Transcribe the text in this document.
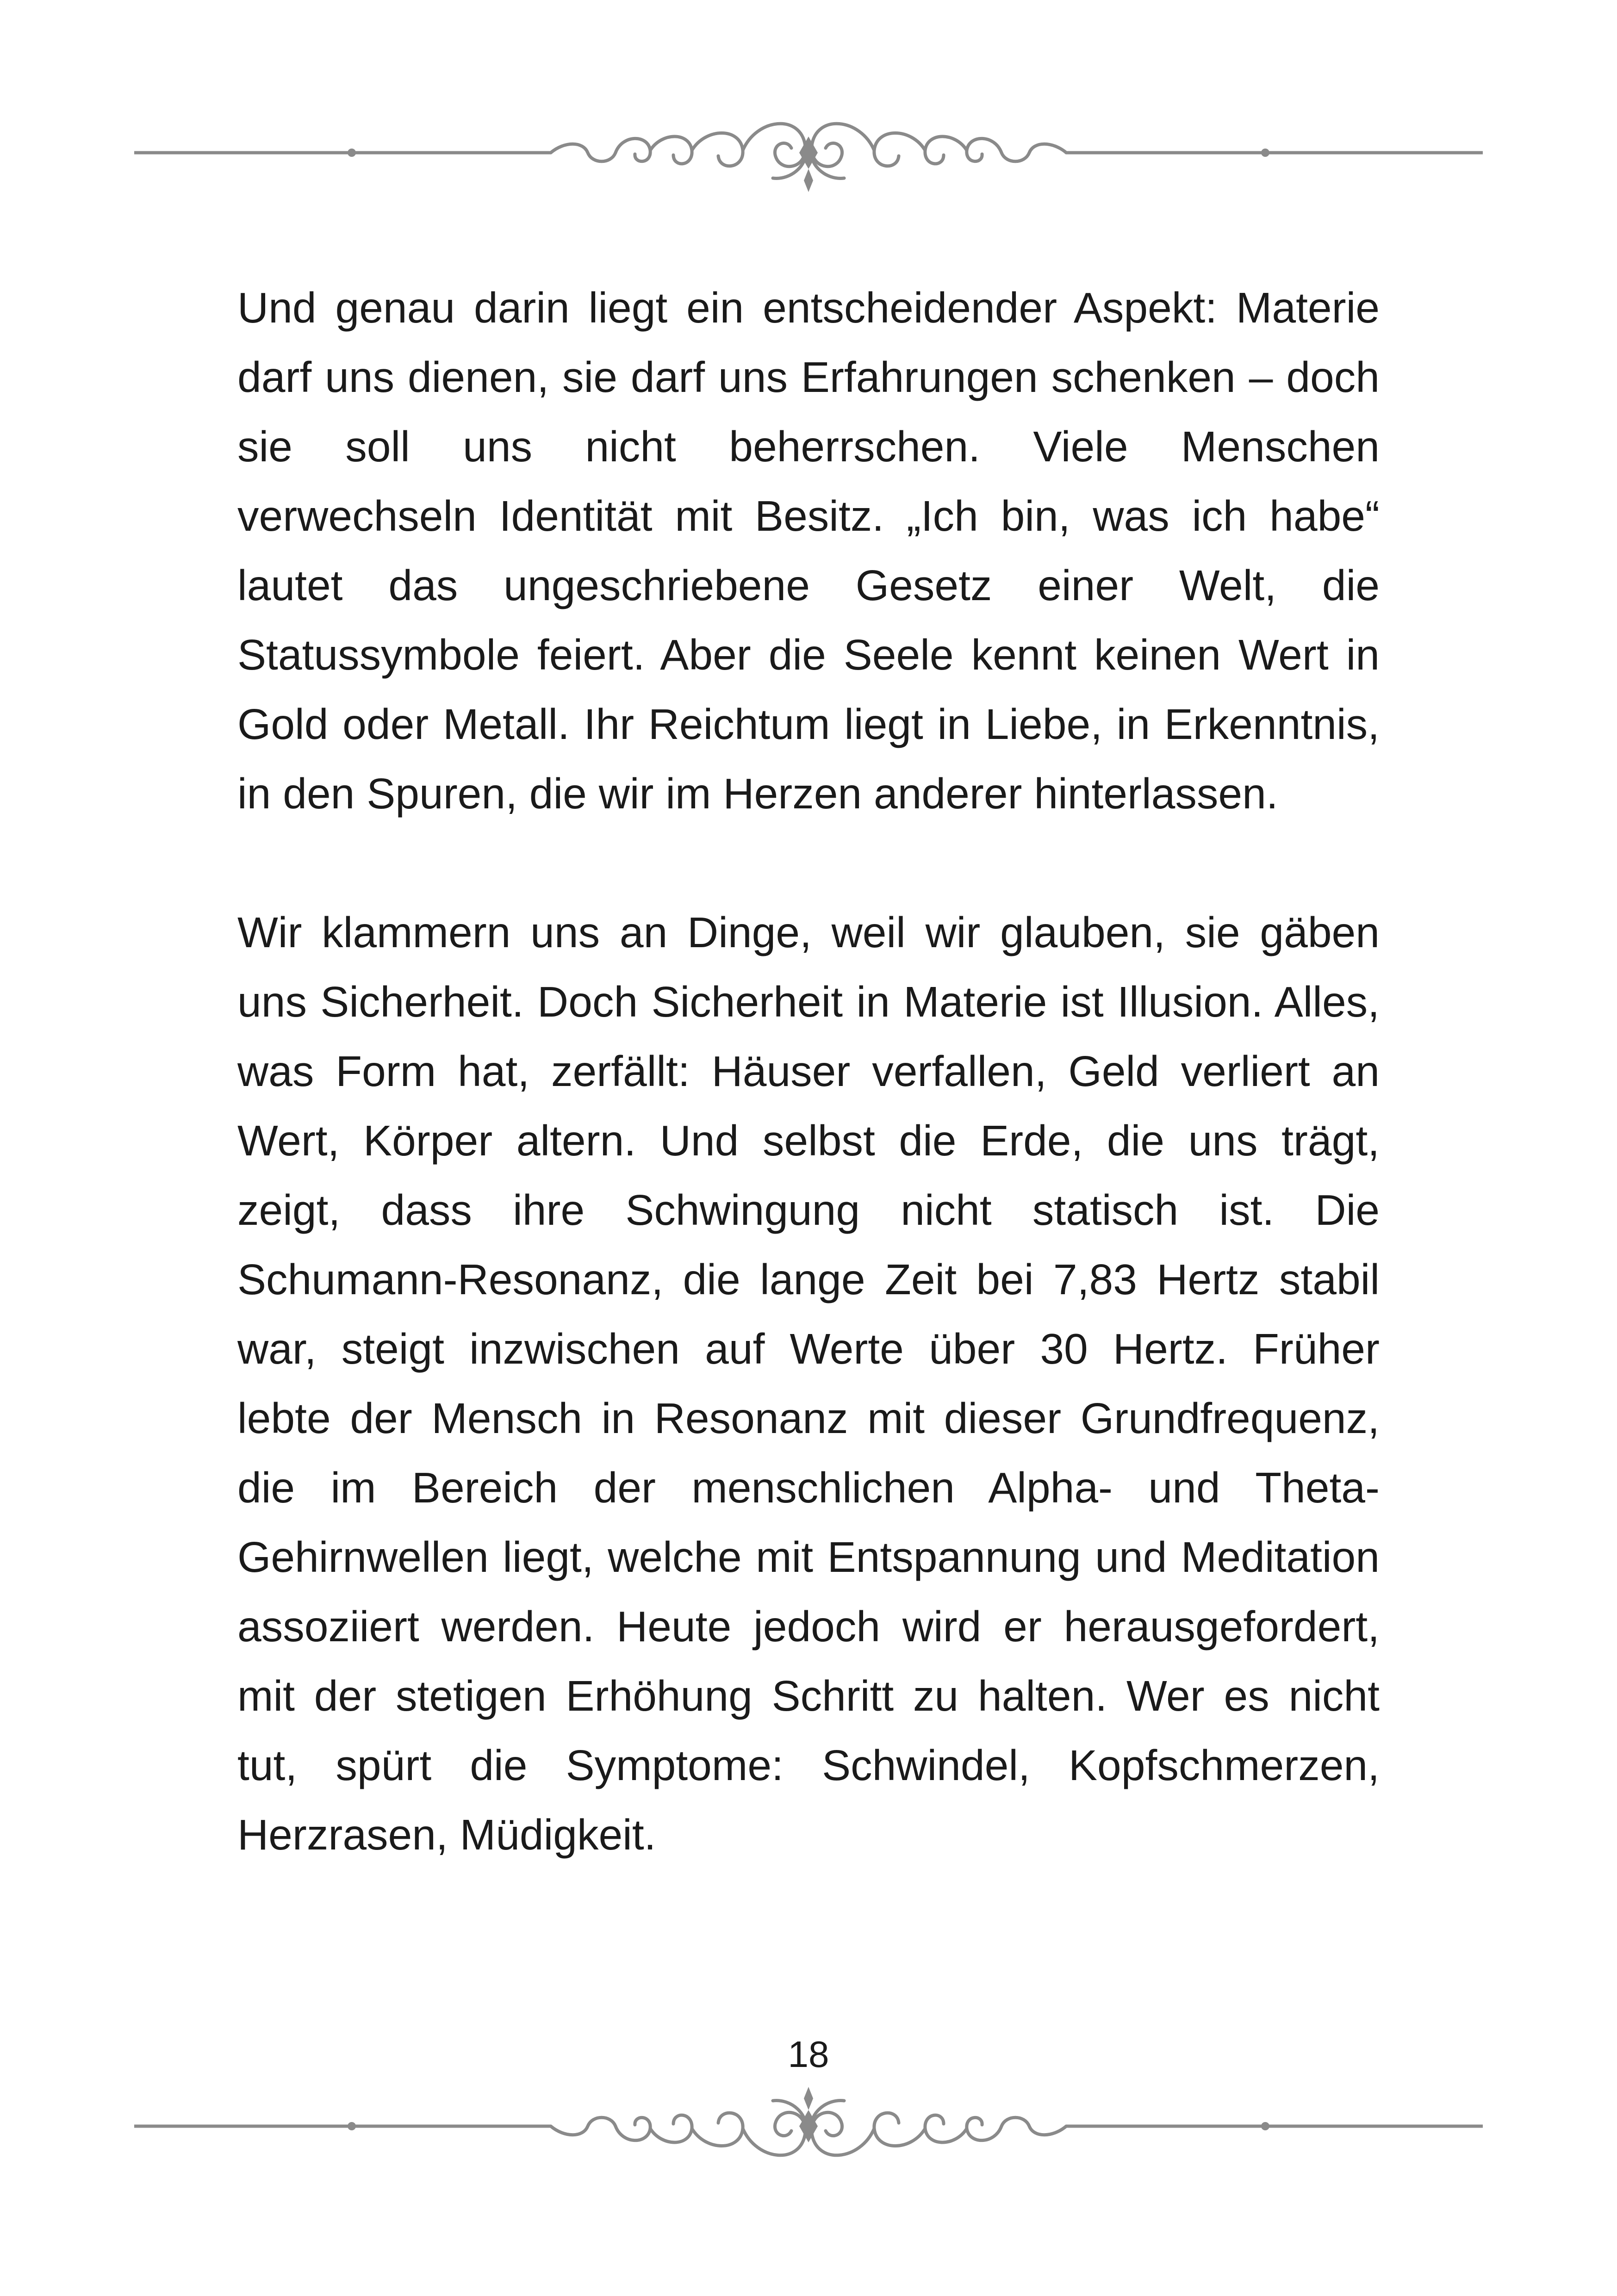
Und genau darin liegt ein entscheidender Aspekt: Materie darf uns dienen, sie darf uns Erfahrungen schenken – doch sie soll uns nicht beherrschen. Viele Menschen verwechseln Identität mit Besitz. „Ich bin, was ich habe“ lautet das ungeschriebene Gesetz einer Welt, die Statussymbole feiert. Aber die Seele kennt keinen Wert in Gold oder Metall. Ihr Reichtum liegt in Liebe, in Erkenntnis, in den Spuren, die wir im Herzen anderer hinterlassen.

Wir klammern uns an Dinge, weil wir glauben, sie gäben uns Sicherheit. Doch Sicherheit in Materie ist Illusion. Alles, was Form hat, zerfällt: Häuser verfallen, Geld verliert an Wert, Körper altern. Und selbst die Erde, die uns trägt, zeigt, dass ihre Schwingung nicht statisch ist. Die Schumann-Resonanz, die lange Zeit bei 7,83 Hertz stabil war, steigt inzwischen auf Werte über 30 Hertz. Früher lebte der Mensch in Resonanz mit dieser Grundfrequenz, die im Bereich der menschlichen Alpha- und Theta-Gehirnwellen liegt, welche mit Entspannung und Meditation assoziiert werden. Heute jedoch wird er herausgefordert, mit der stetigen Erhöhung Schritt zu halten. Wer es nicht tut, spürt die Symptome: Schwindel, Kopfschmerzen, Herzrasen, Müdigkeit.

18
